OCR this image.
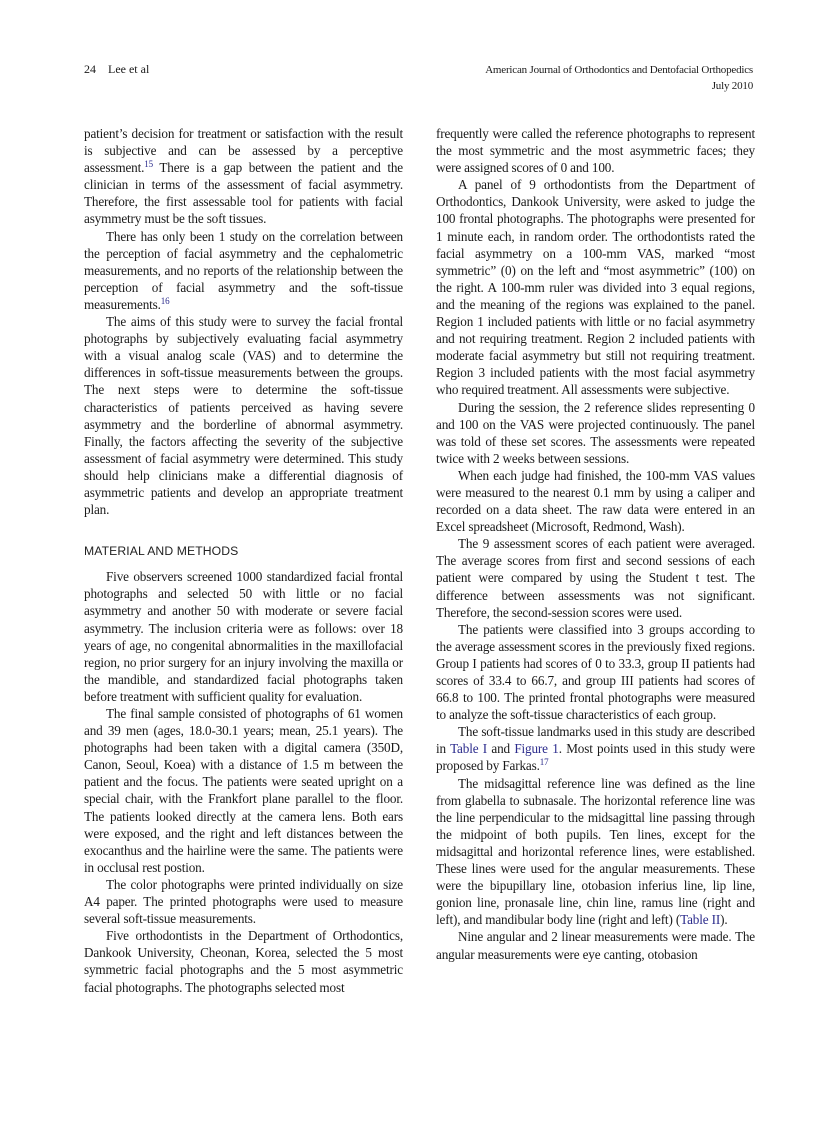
24 Lee et al	American Journal of Orthodontics and Dentofacial Orthopedics
July 2010

patient’s decision for treatment or satisfaction with the result is subjective and can be assessed by a perceptive assessment.$^{15}$ There is a gap between the patient and the clinician in terms of the assessment of facial asymmetry. Therefore, the first assessable tool for patients with facial asymmetry must be the soft tissues.

There has only been 1 study on the correlation between the perception of facial asymmetry and the cephalometric measurements, and no reports of the relationship between the perception of facial asymmetry and the soft-tissue measurements.$^{16}$

The aims of this study were to survey the facial frontal photographs by subjectively evaluating facial asymmetry with a visual analog scale (VAS) and to determine the differences in soft-tissue measurements between the groups. The next steps were to determine the soft-tissue characteristics of patients perceived as having severe asymmetry and the borderline of abnormal asymmetry. Finally, the factors affecting the severity of the subjective assessment of facial asymmetry were determined. This study should help clinicians make a differential diagnosis of asymmetric patients and develop an appropriate treatment plan.

MATERIAL AND METHODS

Five observers screened 1000 standardized facial frontal photographs and selected 50 with little or no facial asymmetry and another 50 with moderate or severe facial asymmetry. The inclusion criteria were as follows: over 18 years of age, no congenital abnormalities in the maxillofacial region, no prior surgery for an injury involving the maxilla or the mandible, and standardized facial photographs taken before treatment with sufficient quality for evaluation.

The final sample consisted of photographs of 61 women and 39 men (ages, 18.0-30.1 years; mean, 25.1 years). The photographs had been taken with a digital camera (350D, Canon, Seoul, Koea) with a distance of 1.5 m between the patient and the focus. The patients were seated upright on a special chair, with the Frankfort plane parallel to the floor. The patients looked directly at the camera lens. Both ears were exposed, and the right and left distances between the exocanthus and the hairline were the same. The patients were in occlusal rest postion.

The color photographs were printed individually on size A4 paper. The printed photographs were used to measure several soft-tissue measurements.

Five orthodontists in the Department of Orthodontics, Dankook University, Cheonan, Korea, selected the 5 most symmetric facial photographs and the 5 most asymmetric facial photographs. The photographs selected most

frequently were called the reference photographs to represent the most symmetric and the most asymmetric faces; they were assigned scores of 0 and 100.

A panel of 9 orthodontists from the Department of Orthodontics, Dankook University, were asked to judge the 100 frontal photographs. The photographs were presented for 1 minute each, in random order. The orthodontists rated the facial asymmetry on a 100-mm VAS, marked “most symmetric” (0) on the left and “most asymmetric” (100) on the right. A 100-mm ruler was divided into 3 equal regions, and the meaning of the regions was explained to the panel. Region 1 included patients with little or no facial asymmetry and not requiring treatment. Region 2 included patients with moderate facial asymmetry but still not requiring treatment. Region 3 included patients with the most facial asymmetry who required treatment. All assessments were subjective.

During the session, the 2 reference slides representing 0 and 100 on the VAS were projected continuously. The panel was told of these set scores. The assessments were repeated twice with 2 weeks between sessions.

When each judge had finished, the 100-mm VAS values were measured to the nearest 0.1 mm by using a caliper and recorded on a data sheet. The raw data were entered in an Excel spreadsheet (Microsoft, Redmond, Wash).

The 9 assessment scores of each patient were averaged. The average scores from first and second sessions of each patient were compared by using the Student t test. The difference between assessments was not significant. Therefore, the second-session scores were used.

The patients were classified into 3 groups according to the average assessment scores in the previously fixed regions. Group I patients had scores of 0 to 33.3, group II patients had scores of 33.4 to 66.7, and group III patients had scores of 66.8 to 100. The printed frontal photographs were measured to analyze the soft-tissue characteristics of each group.

The soft-tissue landmarks used in this study are described in Table I and Figure 1. Most points used in this study were proposed by Farkas.$^{17}$

The midsagittal reference line was defined as the line from glabella to subnasale. The horizontal reference line was the line perpendicular to the midsagittal line passing through the midpoint of both pupils. Ten lines, except for the midsagittal and horizontal reference lines, were established. These lines were used for the angular measurements. These were the bipupillary line, otobasion inferius line, lip line, gonion line, pronasale line, chin line, ramus line (right and left), and mandibular body line (right and left) (Table II).

Nine angular and 2 linear measurements were made. The angular measurements were eye canting, otobasion
